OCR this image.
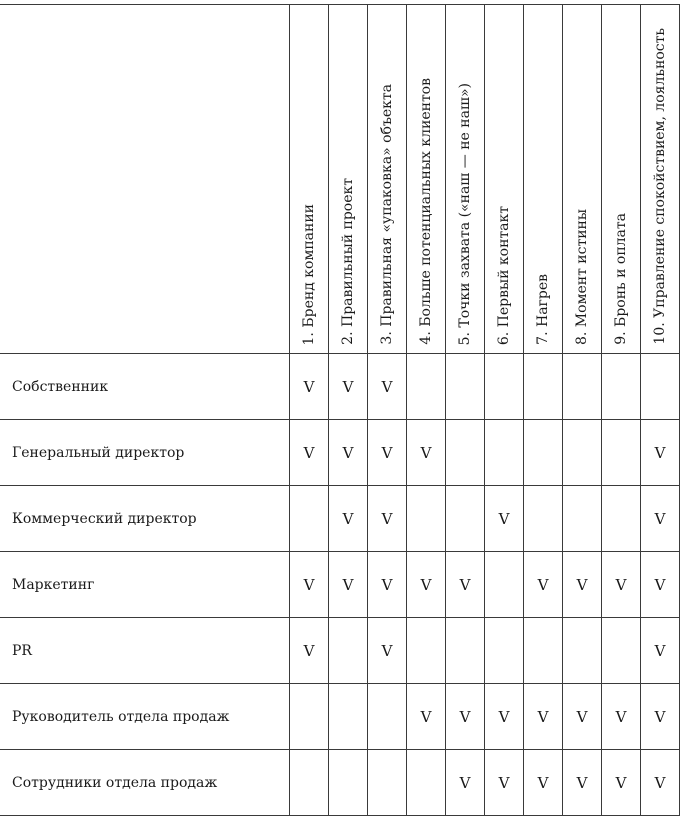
	1. Бренд компании	2. Правильный проект	3. Правильная «упаковка» объекта	4. Больше потенциальных клиентов	5. Точки захвата («наш — не наш»)	6. Первый контакт	7. Нагрев	8. Момент истины	9. Бронь и оплата	10. Управление спокойствием, лояльность

Собственник	V	V	V							
Генеральный директор	V	V	V	V						V
Коммерческий директор		V	V			V				V
Маркетинг	V	V	V	V	V		V	V	V	V
PR	V		V							V
Руководитель отдела продаж				V	V	V	V	V	V	V
Сотрудники отдела продаж					V	V	V	V	V	V
